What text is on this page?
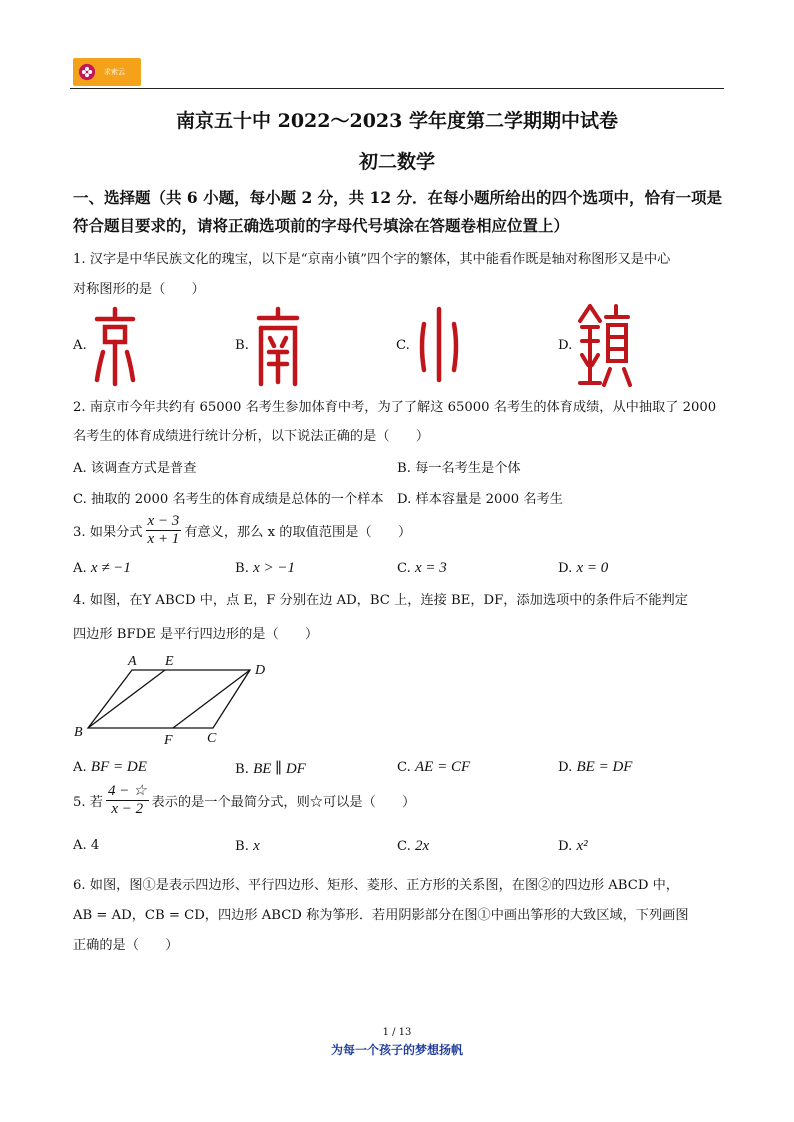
求索云
南京五十中 2022～2023 学年度第二学期期中试卷
初二数学
一、选择题（共 6 小题，每小题 2 分，共 12 分．在每小题所给出的四个选项中，恰有一项是
符合题目要求的，请将正确选项前的字母代号填涂在答题卷相应位置上）
1. 汉字是中华民族文化的瑰宝，以下是“京南小镇”四个字的繁体，其中能看作既是轴对称图形又是中心
对称图形的是（　　）
A.	B.	C.	D.
2. 南京市今年共约有 65000 名考生参加体育中考，为了了解这 65000 名考生的体育成绩，从中抽取了 2000
名考生的体育成绩进行统计分析，以下说法正确的是（　　）
A. 该调查方式是普查	B. 每一名考生是个体
C. 抽取的 2000 名考生的体育成绩是总体的一个样本 D. 样本容量是 2000 名考生
3. 如果分式 $\frac{x - 3}{x + 1}$ 有意义，那么 x 的取值范围是（　　）
A. x ≠ −1	B. x > −1	C. x = 3	D. x = 0
4. 如图，在Y ABCD 中，点 E，F 分别在边 AD，BC 上，连接 BE，DF，添加选项中的条件后不能判定
四边形 BFDE 是平行四边形的是（　　）
A E
D
B
F C
A. BF = DE	B. BE ∥ DF	C. AE = CF	D. BE = DF
5. 若 $\frac{4 - ☆}{x - 2}$ 表示的是一个最简分式，则☆可以是（　　）
A. 4	B. x	C. 2x	D. x²
6. 如图，图①是表示四边形、平行四边形、矩形、菱形、正方形的关系图，在图②的四边形 ABCD 中，
AB = AD，CB = CD，四边形 ABCD 称为筝形．若用阴影部分在图①中画出筝形的大致区域，下列画图
正确的是（　　）
1 / 13
为每一个孩子的梦想扬帆
